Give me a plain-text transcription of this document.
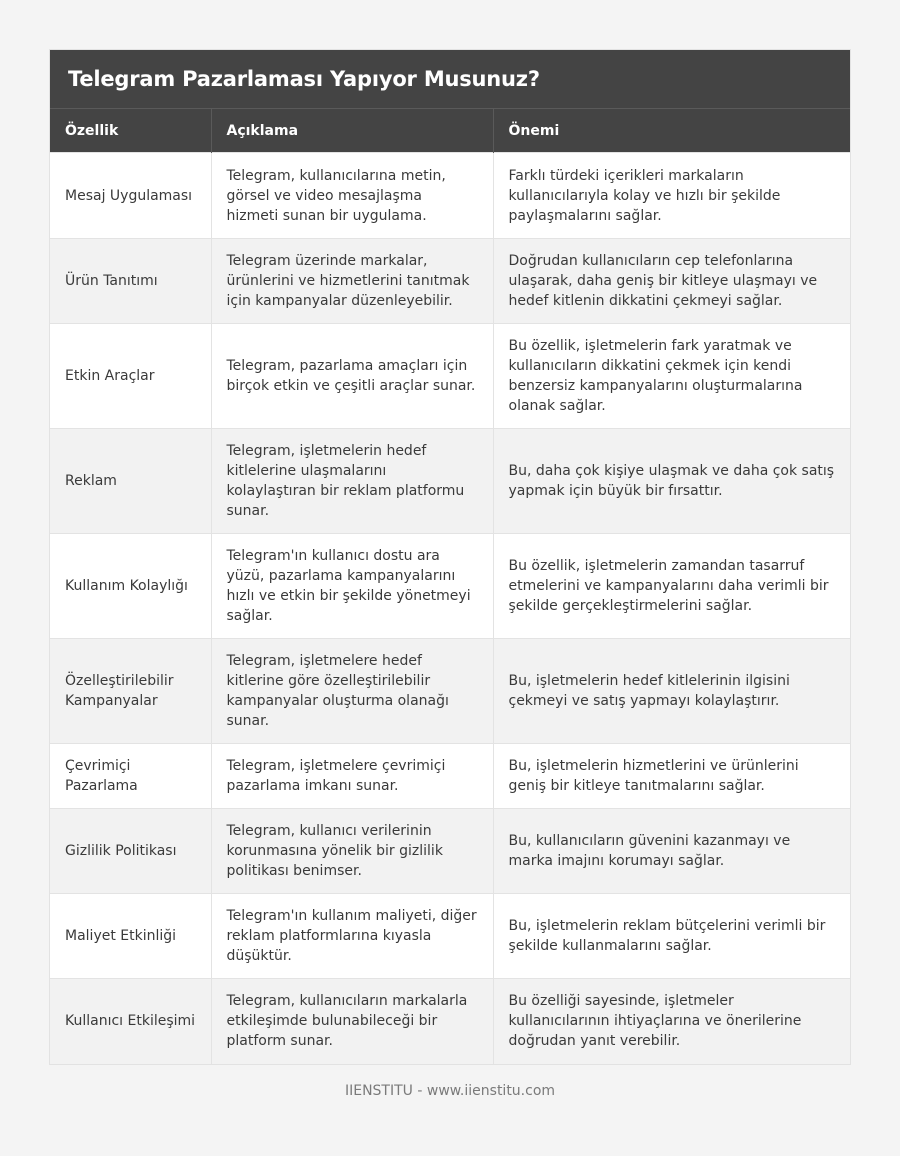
Telegram Pazarlaması Yapıyor Musunuz?
Özellik	Açıklama	Önemi
Mesaj Uygulaması	Telegram, kullanıcılarına metin, görsel ve video mesajlaşma hizmeti sunan bir uygulama.	Farklı türdeki içerikleri markaların kullanıcılarıyla kolay ve hızlı bir şekilde paylaşmalarını sağlar.
Ürün Tanıtımı	Telegram üzerinde markalar, ürünlerini ve hizmetlerini tanıtmak için kampanyalar düzenleyebilir.	Doğrudan kullanıcıların cep telefonlarına ulaşarak, daha geniş bir kitleye ulaşmayı ve hedef kitlenin dikkatini çekmeyi sağlar.
Etkin Araçlar	Telegram, pazarlama amaçları için birçok etkin ve çeşitli araçlar sunar.	Bu özellik, işletmelerin fark yaratmak ve kullanıcıların dikkatini çekmek için kendi benzersiz kampanyalarını oluşturmalarına olanak sağlar.
Reklam	Telegram, işletmelerin hedef kitlelerine ulaşmalarını kolaylaştıran bir reklam platformu sunar.	Bu, daha çok kişiye ulaşmak ve daha çok satış yapmak için büyük bir fırsattır.
Kullanım Kolaylığı	Telegram'ın kullanıcı dostu ara yüzü, pazarlama kampanyalarını hızlı ve etkin bir şekilde yönetmeyi sağlar.	Bu özellik, işletmelerin zamandan tasarruf etmelerini ve kampanyalarını daha verimli bir şekilde gerçekleştirmelerini sağlar.
Özelleştirilebilir Kampanyalar	Telegram, işletmelere hedef kitlerine göre özelleştirilebilir kampanyalar oluşturma olanağı sunar.	Bu, işletmelerin hedef kitlelerinin ilgisini çekmeyi ve satış yapmayı kolaylaştırır.
Çevrimiçi Pazarlama	Telegram, işletmelere çevrimiçi pazarlama imkanı sunar.	Bu, işletmelerin hizmetlerini ve ürünlerini geniş bir kitleye tanıtmalarını sağlar.
Gizlilik Politikası	Telegram, kullanıcı verilerinin korunmasına yönelik bir gizlilik politikası benimser.	Bu, kullanıcıların güvenini kazanmayı ve marka imajını korumayı sağlar.
Maliyet Etkinliği	Telegram'ın kullanım maliyeti, diğer reklam platformlarına kıyasla düşüktür.	Bu, işletmelerin reklam bütçelerini verimli bir şekilde kullanmalarını sağlar.
Kullanıcı Etkileşimi	Telegram, kullanıcıların markalarla etkileşimde bulunabileceği bir platform sunar.	Bu özelliği sayesinde, işletmeler kullanıcılarının ihtiyaçlarına ve önerilerine doğrudan yanıt verebilir.
IIENSTITU - www.iienstitu.com
